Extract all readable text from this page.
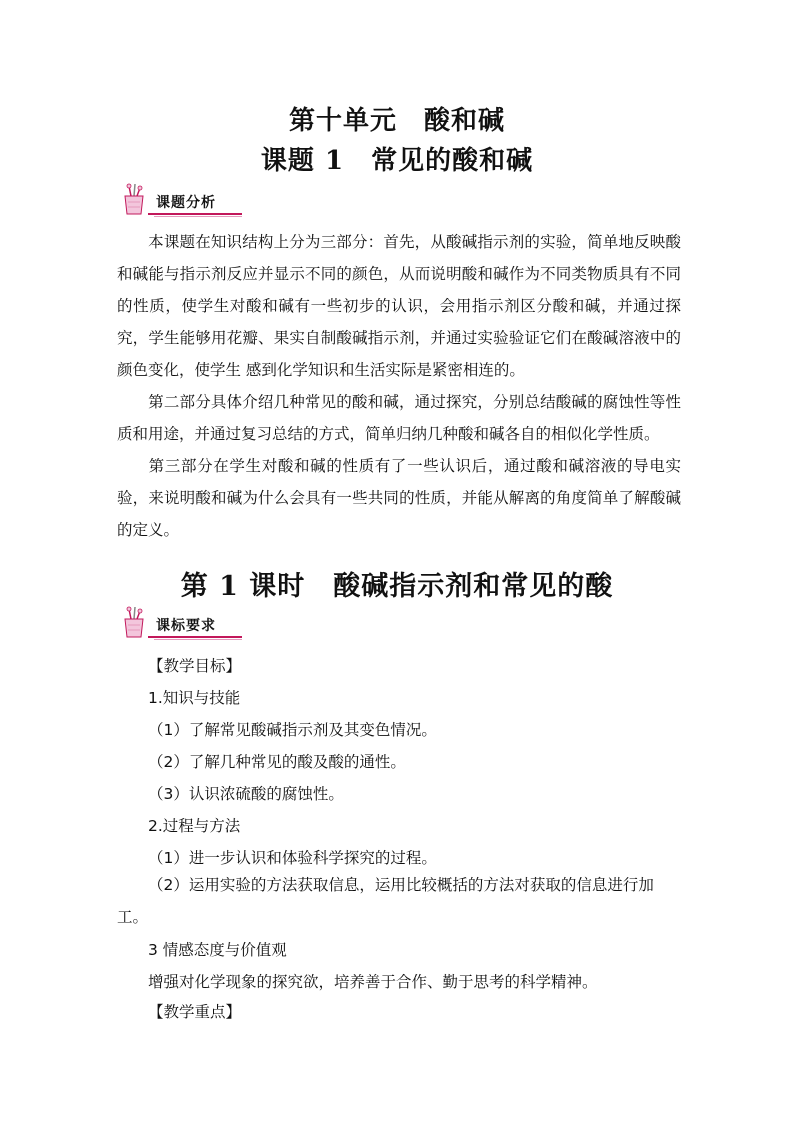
第十单元　酸和碱
课题 1　常见的酸和碱
课题分析
本课题在知识结构上分为三部分：首先，从酸碱指示剂的实验，简单地反映酸和碱能与指示剂反应并显示不同的颜色，从而说明酸和碱作为不同类物质具有不同的性质，使学生对酸和碱有一些初步的认识，会用指示剂区分酸和碱，并通过探究，学生能够用花瓣、果实自制酸碱指示剂，并通过实验验证它们在酸碱溶液中的颜色变化，使学生 感到化学知识和生活实际是紧密相连的。
第二部分具体介绍几种常见的酸和碱，通过探究，分别总结酸碱的腐蚀性等性质和用途，并通过复习总结的方式，简单归纳几种酸和碱各自的相似化学性质。
第三部分在学生对酸和碱的性质有了一些认识后，通过酸和碱溶液的导电实验，来说明酸和碱为什么会具有一些共同的性质，并能从解离的角度简单了解酸碱的定义。
第 1 课时　酸碱指示剂和常见的酸
课标要求
【教学目标】
1.知识与技能
（1）了解常见酸碱指示剂及其变色情况。
（2）了解几种常见的酸及酸的通性。
（3）认识浓硫酸的腐蚀性。
2.过程与方法
（1）进一步认识和体验科学探究的过程。
（2）运用实验的方法获取信息，运用比较概括的方法对获取的信息进行加工。
3 情感态度与价值观
增强对化学现象的探究欲，培养善于合作、勤于思考的科学精神。
【教学重点】
